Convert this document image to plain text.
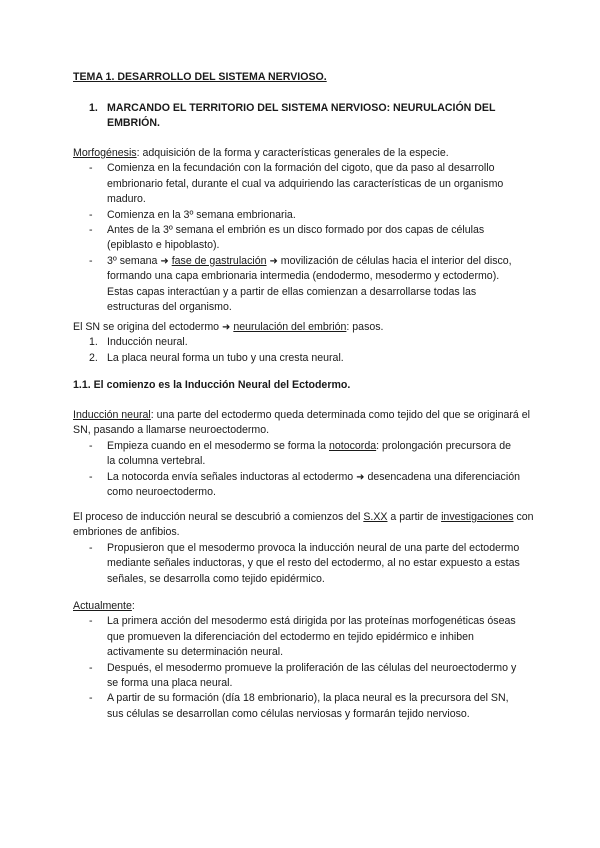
TEMA 1. DESARROLLO DEL SISTEMA NERVIOSO.

1. MARCANDO EL TERRITORIO DEL SISTEMA NERVIOSO: NEURULACIÓN DEL EMBRIÓN.

Morfogénesis: adquisición de la forma y características generales de la especie.

- Comienza en la fecundación con la formación del cigoto, que da paso al desarrollo embrionario fetal, durante el cual va adquiriendo las características de un organismo maduro.
- Comienza en la 3º semana embrionaria.
- Antes de la 3º semana el embrión es un disco formado por dos capas de células (epiblasto e hipoblasto).
- 3º semana ➜ fase de gastrulación ➜ movilización de células hacia el interior del disco, formando una capa embrionaria intermedia (endodermo, mesodermo y ectodermo). Estas capas interactúan y a partir de ellas comienzan a desarrollarse todas las estructuras del organismo.

El SN se origina del ectodermo ➜ neurulación del embrión: pasos.

1. Inducción neural.
2. La placa neural forma un tubo y una cresta neural.

1.1. El comienzo es la Inducción Neural del Ectodermo.

Inducción neural: una parte del ectodermo queda determinada como tejido del que se originará el SN, pasando a llamarse neuroectodermo.

- Empieza cuando en el mesodermo se forma la notocorda: prolongación precursora de la columna vertebral.
- La notocorda envía señales inductoras al ectodermo ➜ desencadena una diferenciación como neuroectodermo.

El proceso de inducción neural se descubrió a comienzos del S.XX a partir de investigaciones con embriones de anfibios.

- Propusieron que el mesodermo provoca la inducción neural de una parte del ectodermo mediante señales inductoras, y que el resto del ectodermo, al no estar expuesto a estas señales, se desarrolla como tejido epidérmico.

Actualmente:

- La primera acción del mesodermo está dirigida por las proteínas morfogenéticas óseas que promueven la diferenciación del ectodermo en tejido epidérmico e inhiben activamente su determinación neural.
- Después, el mesodermo promueve la proliferación de las células del neuroectodermo y se forma una placa neural.
- A partir de su formación (día 18 embrionario), la placa neural es la precursora del SN, sus células se desarrollan como células nerviosas y formarán tejido nervioso.
